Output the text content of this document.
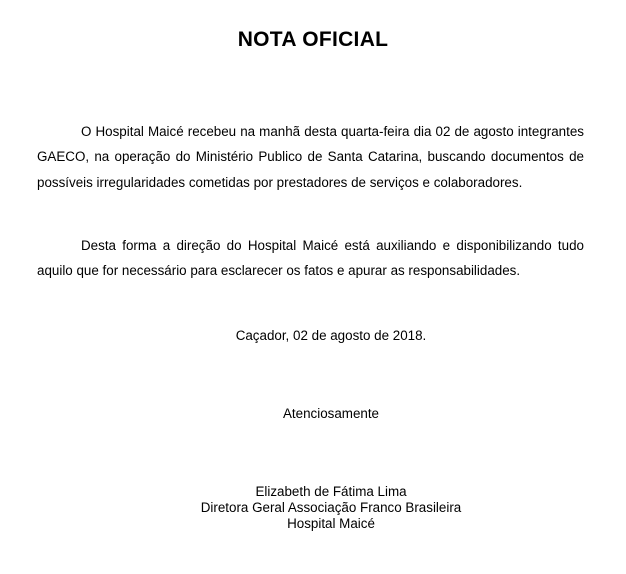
NOTA OFICIAL

O Hospital Maicé recebeu na manhã desta quarta-feira dia 02 de agosto integrantes GAECO, na operação do Ministério Publico de Santa Catarina, buscando documentos de possíveis irregularidades cometidas por prestadores de serviços e colaboradores.

Desta forma a direção do Hospital Maicé está auxiliando e disponibilizando tudo aquilo que for necessário para esclarecer os fatos e apurar as responsabilidades.

Caçador, 02 de agosto de 2018.

Atenciosamente

Elizabeth de Fátima Lima
Diretora Geral Associação Franco Brasileira
Hospital Maicé
